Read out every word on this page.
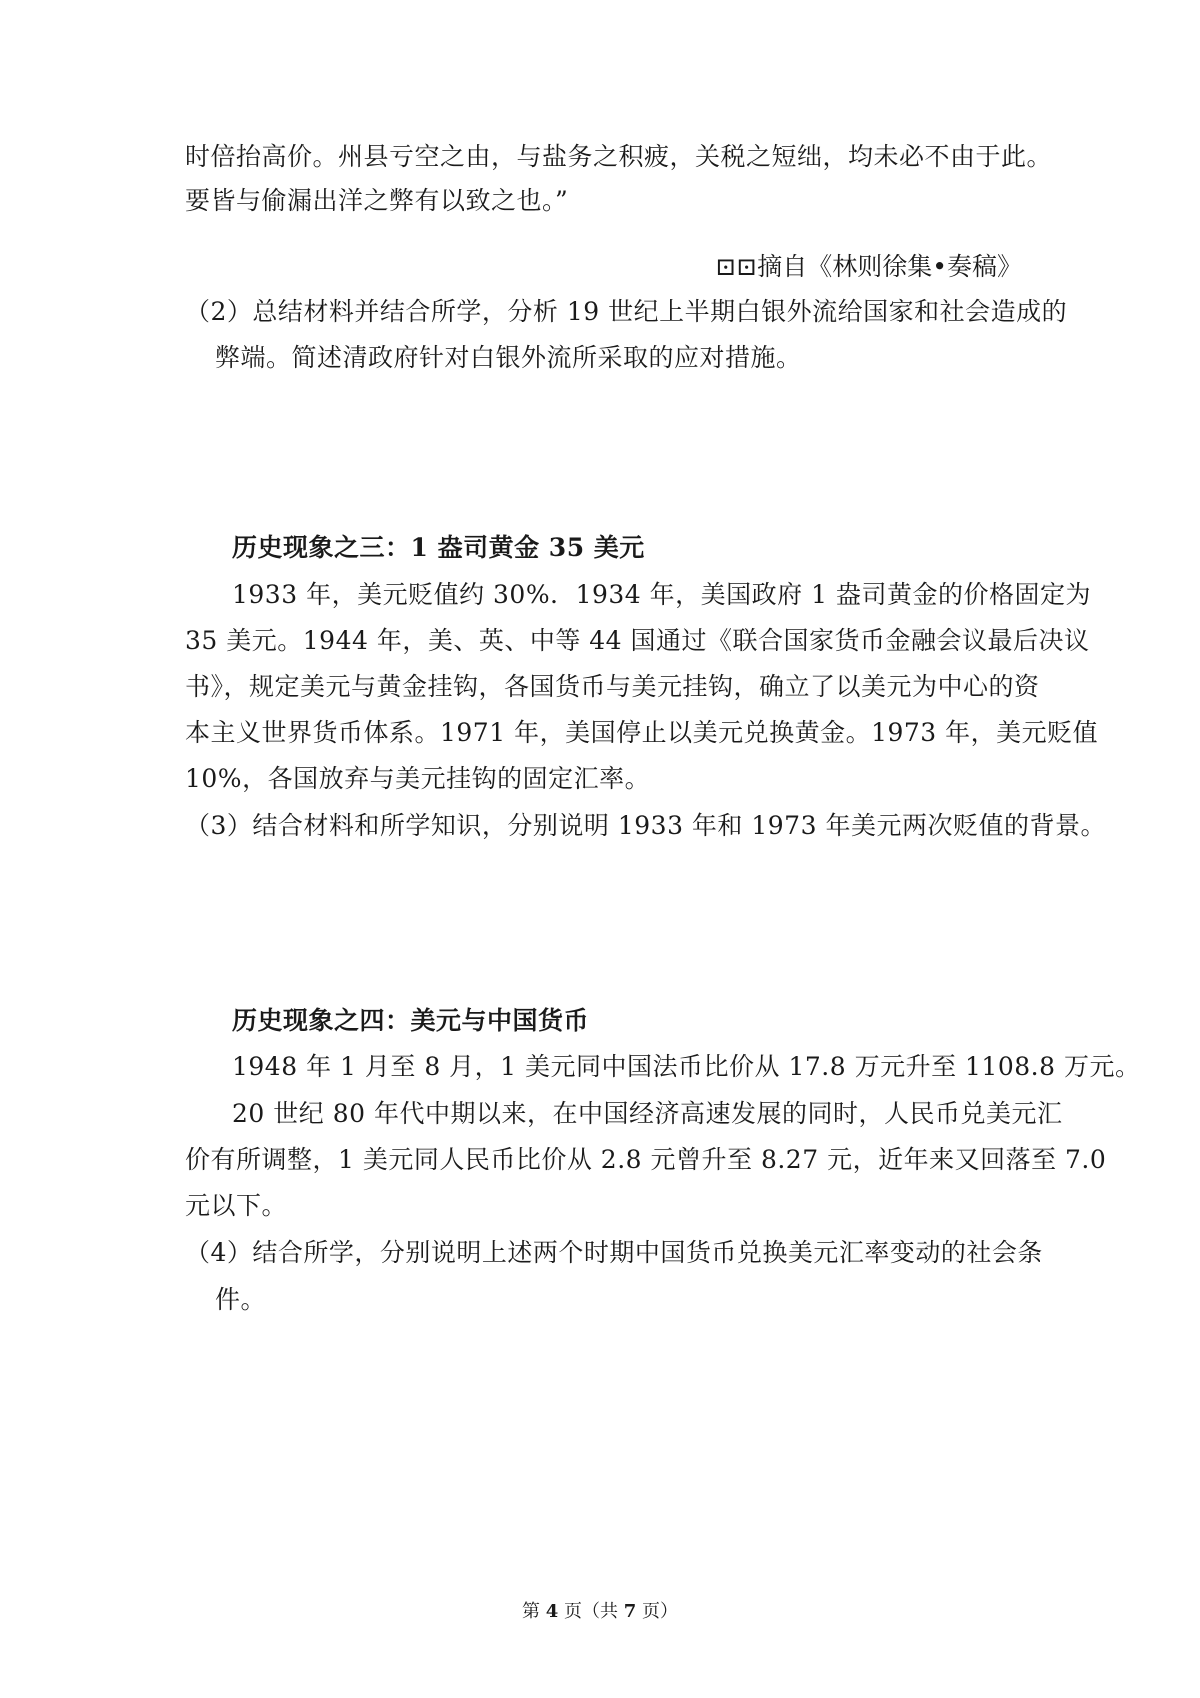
时倍抬高价。州县亏空之由，与盐务之积疲，关税之短绌，均未必不由于此。
要皆与偷漏出洋之弊有以致之也。”
⊡⊡摘自《林则徐集•奏稿》
（2）总结材料并结合所学，分析 19 世纪上半期白银外流给国家和社会造成的
弊端。简述清政府针对白银外流所采取的应对措施。
历史现象之三：1 盎司黄金 35 美元
1933 年，美元贬值约 30%．1934 年，美国政府 1 盎司黄金的价格固定为
35 美元。1944 年，美、英、中等 44 国通过《联合国家货币金融会议最后决议
书》，规定美元与黄金挂钩，各国货币与美元挂钩，确立了以美元为中心的资
本主义世界货币体系。1971 年，美国停止以美元兑换黄金。1973 年，美元贬值
10%，各国放弃与美元挂钩的固定汇率。
（3）结合材料和所学知识，分别说明 1933 年和 1973 年美元两次贬值的背景。
历史现象之四：美元与中国货币
1948 年 1 月至 8 月，1 美元同中国法币比价从 17.8 万元升至 1108.8 万元。
20 世纪 80 年代中期以来，在中国经济高速发展的同时，人民币兑美元汇
价有所调整，1 美元同人民币比价从 2.8 元曾升至 8.27 元，近年来又回落至 7.0
元以下。
（4）结合所学，分别说明上述两个时期中国货币兑换美元汇率变动的社会条
件。
第 4 页（共 7 页）
